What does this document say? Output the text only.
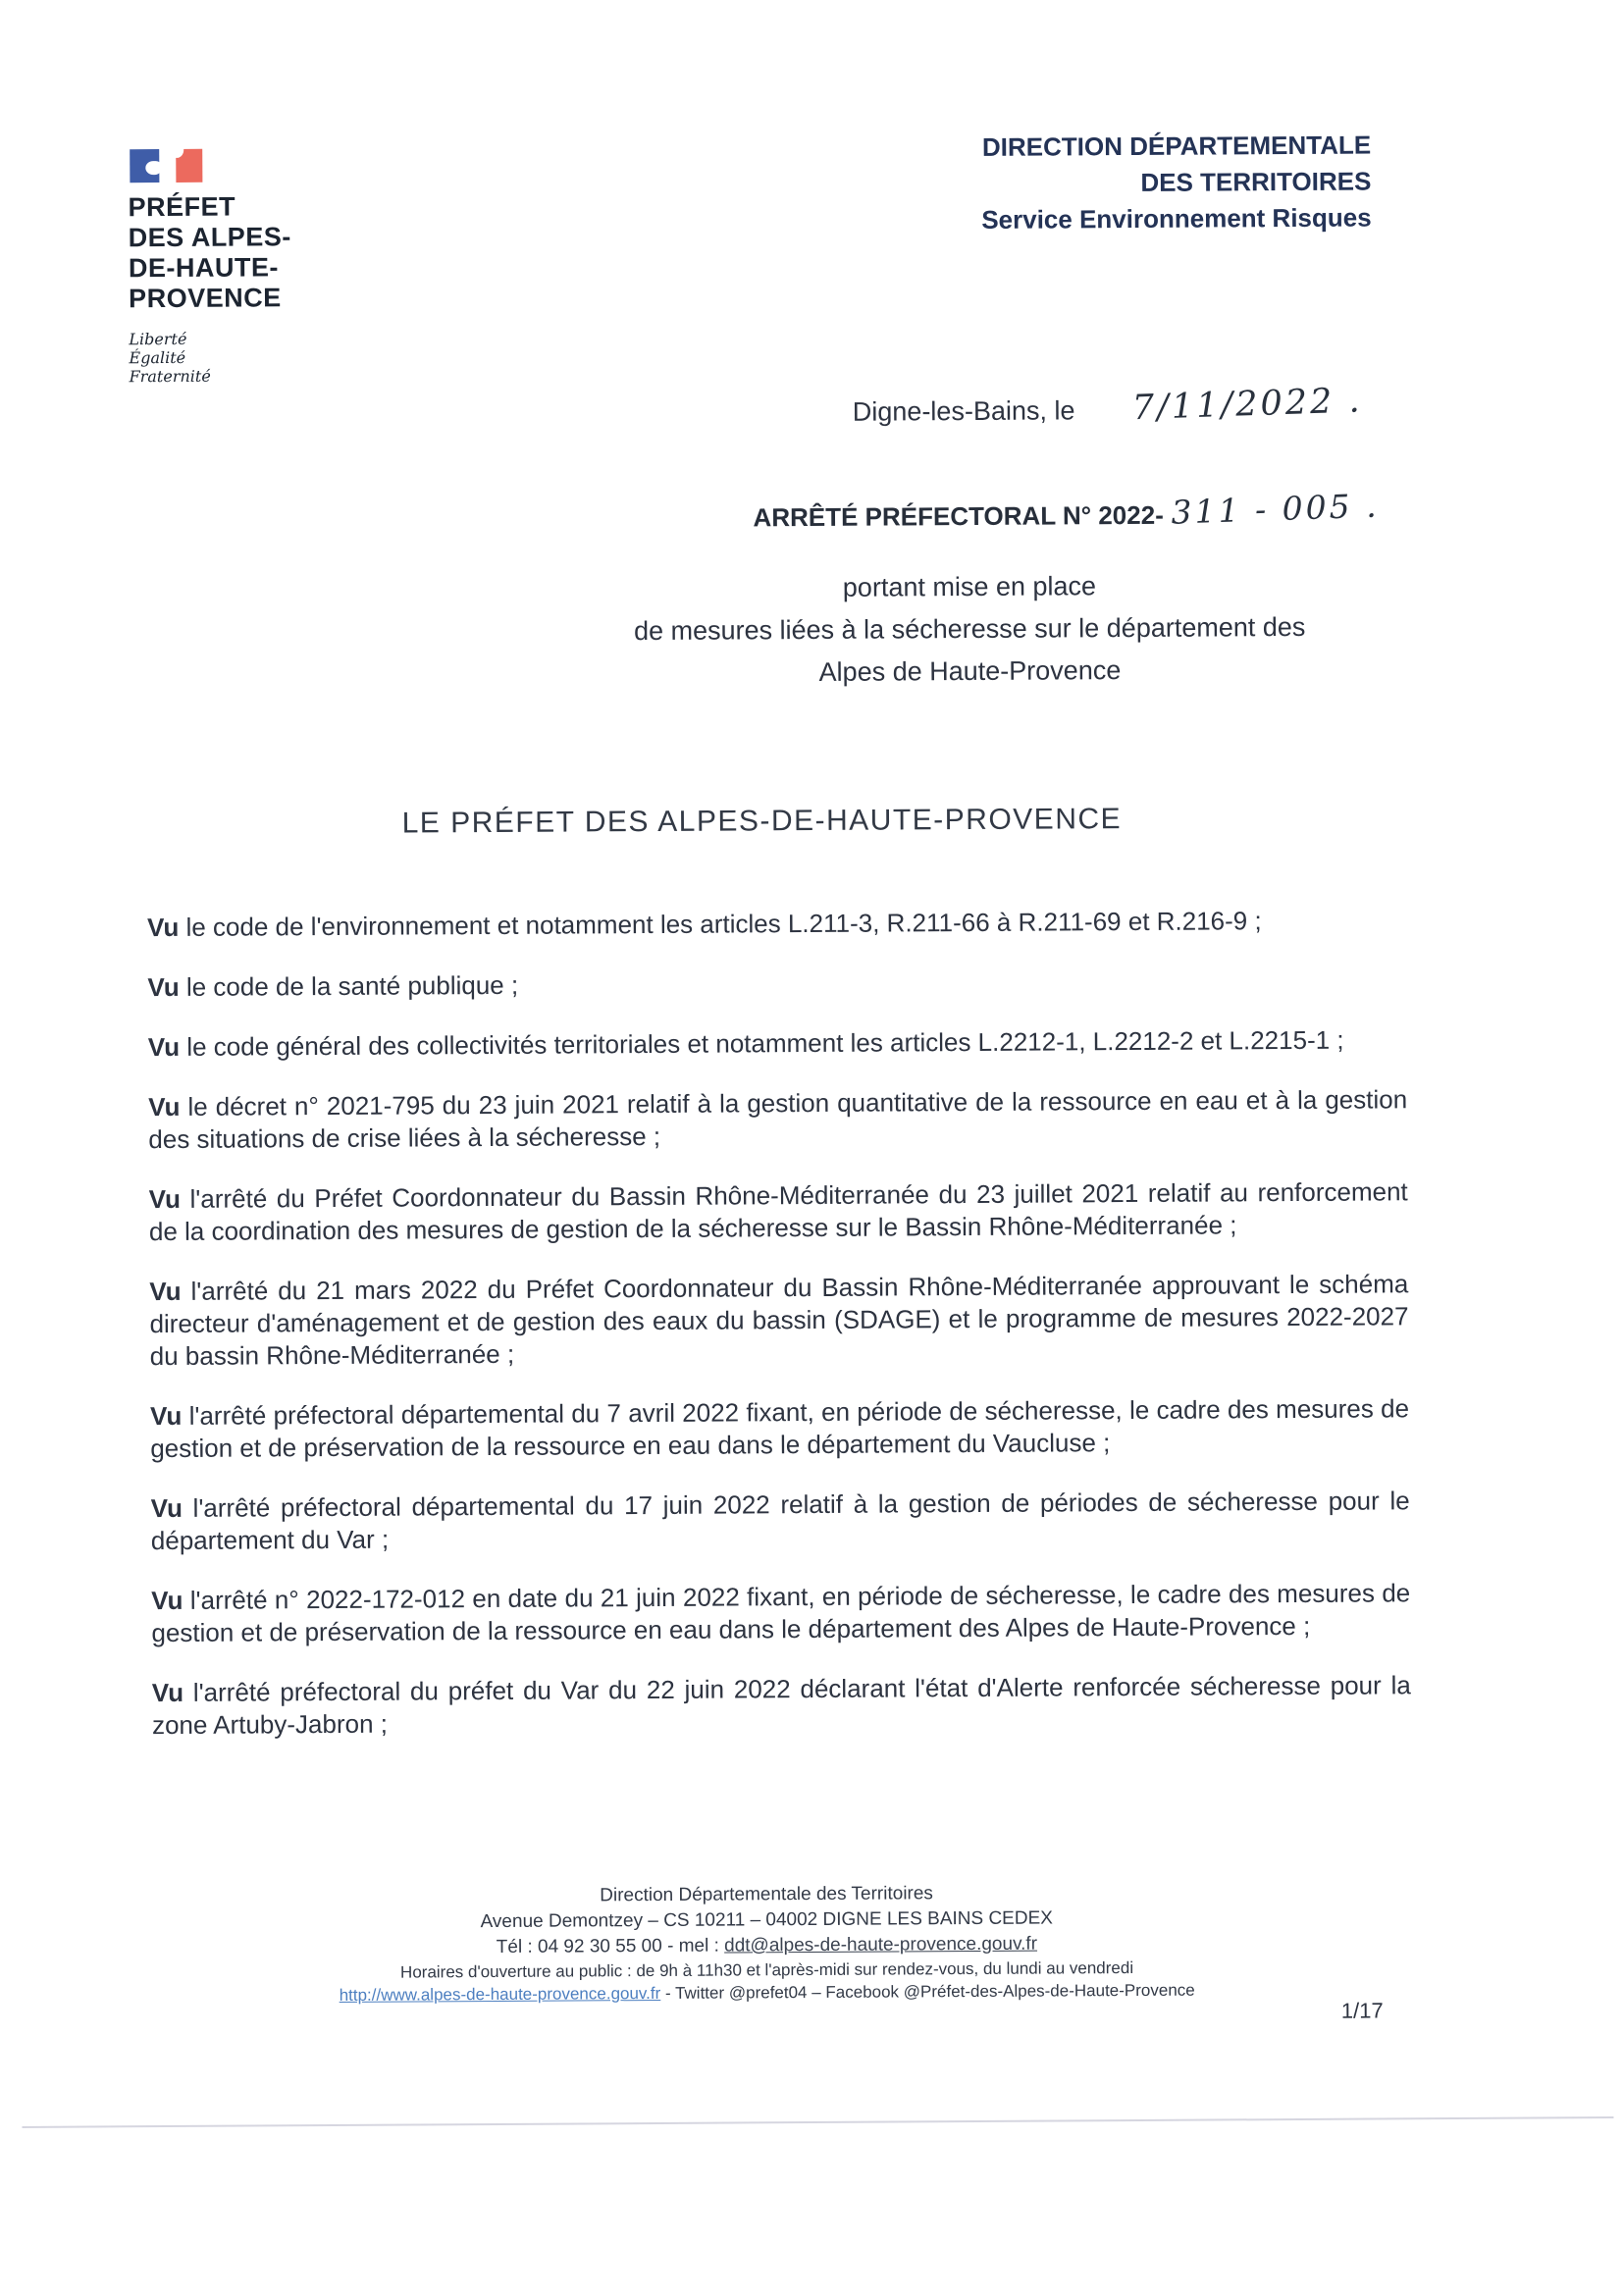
PRÉFET
DES ALPES-
DE-HAUTE-
PROVENCE
Liberté
Égalité
Fraternité
DIRECTION DÉPARTEMENTALE
DES TERRITOIRES
Service Environnement Risques
Digne-les-Bains, le 7/11/2022 .
ARRÊTÉ PRÉFECTORAL N° 2022- 311 - 005 .
portant mise en place
de mesures liées à la sécheresse sur le département des
Alpes de Haute-Provence
LE PRÉFET DES ALPES-DE-HAUTE-PROVENCE

Vu le code de l'environnement et notamment les articles L.211-3, R.211-66 à R.211-69 et R.216-9 ;

Vu le code de la santé publique ;

Vu le code général des collectivités territoriales et notamment les articles L.2212-1, L.2212-2 et L.2215-1 ;

Vu le décret n° 2021-795 du 23 juin 2021 relatif à la gestion quantitative de la ressource en eau et à la gestion des situations de crise liées à la sécheresse ;

Vu l'arrêté du Préfet Coordonnateur du Bassin Rhône-Méditerranée du 23 juillet 2021 relatif au renforcement de la coordination des mesures de gestion de la sécheresse sur le Bassin Rhône-Méditerranée ;

Vu l'arrêté du 21 mars 2022 du Préfet Coordonnateur du Bassin Rhône-Méditerranée approuvant le schéma directeur d'aménagement et de gestion des eaux du bassin (SDAGE) et le programme de mesures 2022-2027 du bassin Rhône-Méditerranée ;

Vu l'arrêté préfectoral départemental du 7 avril 2022 fixant, en période de sécheresse, le cadre des mesures de gestion et de préservation de la ressource en eau dans le département du Vaucluse ;

Vu l'arrêté préfectoral départemental du 17 juin 2022 relatif à la gestion de périodes de sécheresse pour le département du Var ;

Vu l'arrêté n° 2022-172-012 en date du 21 juin 2022 fixant, en période de sécheresse, le cadre des mesures de gestion et de préservation de la ressource en eau dans le département des Alpes de Haute-Provence ;

Vu l'arrêté préfectoral du préfet du Var du 22 juin 2022 déclarant l'état d'Alerte renforcée sécheresse pour la zone Artuby-Jabron ;

Direction Départementale des Territoires
Avenue Demontzey – CS 10211 – 04002 DIGNE LES BAINS CEDEX
Tél : 04 92 30 55 00 - mel : ddt@alpes-de-haute-provence.gouv.fr
Horaires d'ouverture au public : de 9h à 11h30 et l'après-midi sur rendez-vous, du lundi au vendredi
http://www.alpes-de-haute-provence.gouv.fr - Twitter @prefet04 – Facebook @Préfet-des-Alpes-de-Haute-Provence
1/17
